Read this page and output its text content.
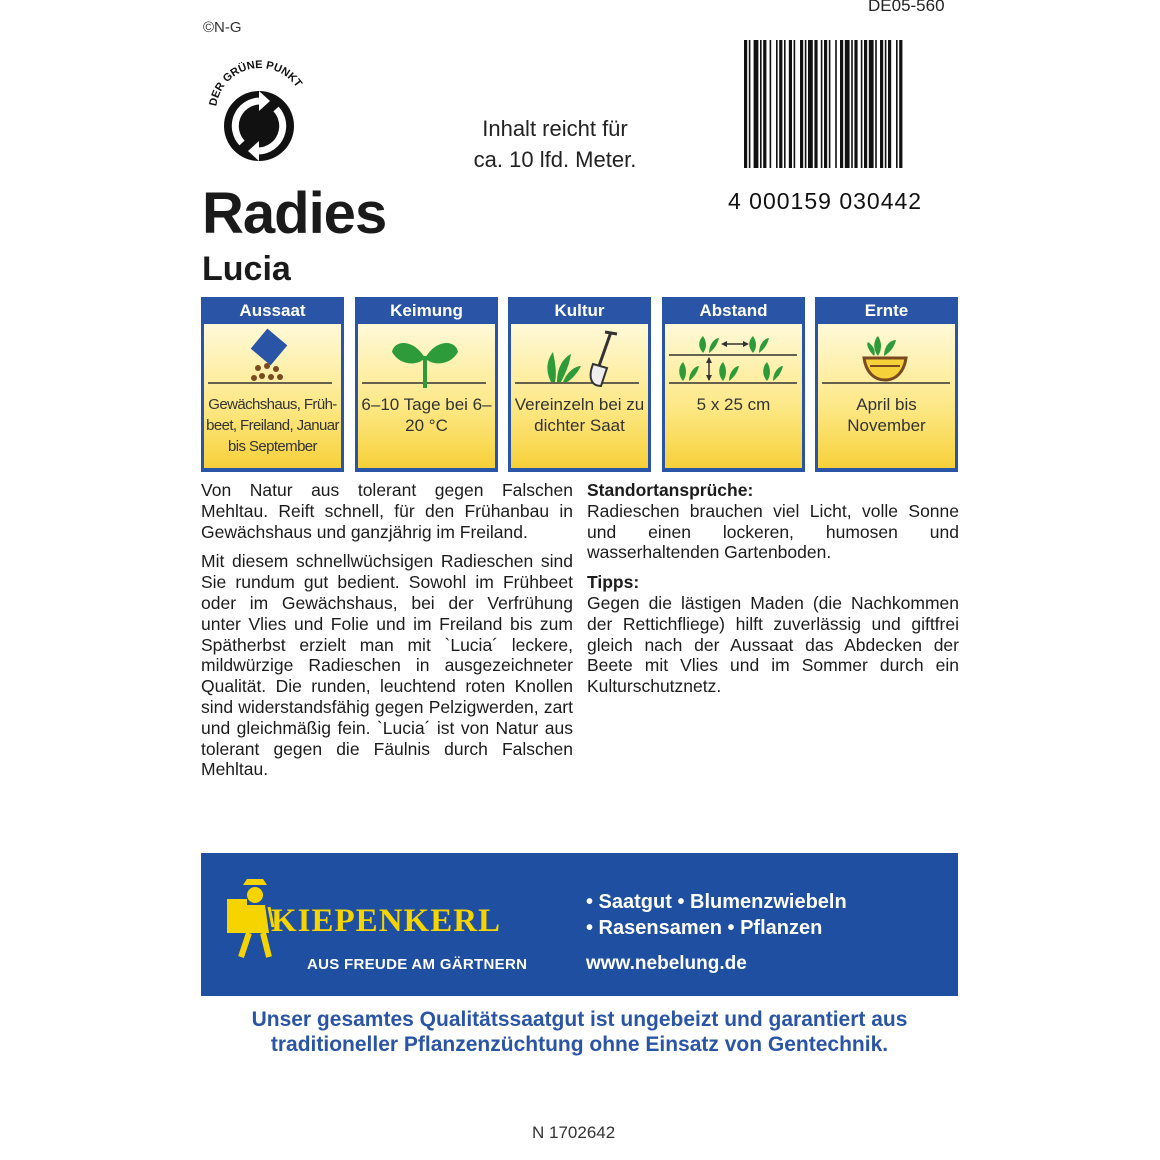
DE05-560
©N-G
DER GRÜNE PUNKT
Inhalt reicht für
ca. 10 lfd. Meter.
4 000159 030442
Radies
Lucia
Aussaat
Gewächshaus, Früh-beet, Freiland, Januar bis September
Keimung
6–10 Tage bei 6–20 °C
Kultur
Vereinzeln bei zu dichter Saat
Abstand
5 x 25 cm
Ernte
April bis November

Von Natur aus tolerant gegen Falschen Mehltau. Reift schnell, für den Frühanbau in Gewächshaus und ganzjährig im Freiland.

Mit diesem schnellwüchsigen Radieschen sind Sie rundum gut bedient. Sowohl im Frühbeet oder im Gewächshaus, bei der Verfrühung unter Vlies und Folie und im Freiland bis zum Spätherbst erzielt man mit `Lucia´ leckere, mildwürzige Radieschen in ausgezeichneter Qualität. Die runden, leuchtend roten Knollen sind widerstandsfähig gegen Pelzigwerden, zart und gleichmäßig fein. `Lucia´ ist von Natur aus tolerant gegen die Fäulnis durch Falschen Mehltau.

Standortansprüche:

Radieschen brauchen viel Licht, volle Sonne und einen lockeren, humosen und wasserhaltenden Gartenboden.

Tipps:

Gegen die lästigen Maden (die Nachkommen der Rettichfliege) hilft zuverlässig und giftfrei gleich nach der Aussaat das Abdecken der Beete mit Vlies und im Sommer durch ein Kulturschutznetz.

KIEPENKERL
AUS FREUDE AM GÄRTNERN
• Saatgut • Blumenzwiebeln
• Rasensamen • Pflanzen
www.nebelung.de
Unser gesamtes Qualitätssaatgut ist ungebeizt und garantiert aus traditioneller Pflanzenzüchtung ohne Einsatz von Gentechnik.
N 1702642
